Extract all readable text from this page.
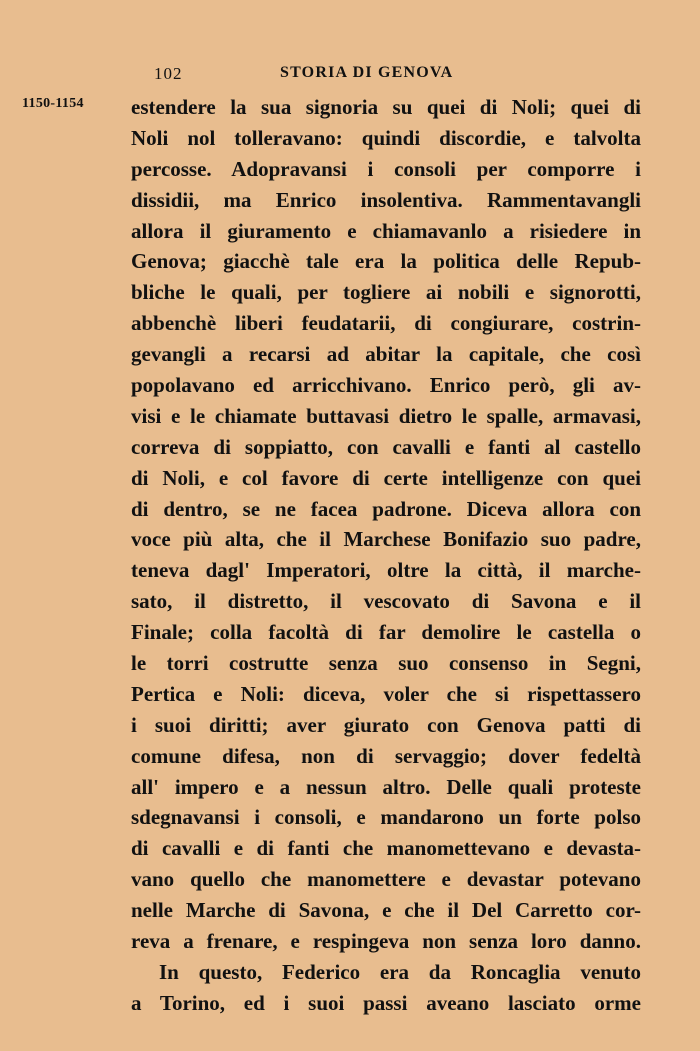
102	STORIA DI GENOVA
1150-1154 estendere la sua signoria su quei di Noli; quei di
Noli nol tolleravano: quindi discordie, e talvolta
percosse. Adopravansi i consoli per comporre i
dissidii, ma Enrico insolentiva. Rammentavangli
allora il giuramento e chiamavanlo a risiedere in
Genova; giacchè tale era la politica delle Repub-
bliche le quali, per togliere ai nobili e signorotti,
abbenchè liberi feudatarii, di congiurare, costrin-
gevangli a recarsi ad abitar la capitale, che così
popolavano ed arricchivano. Enrico però, gli av-
visi e le chiamate buttavasi dietro le spalle, armavasi,
correva di soppiatto, con cavalli e fanti al castello
di Noli, e col favore di certe intelligenze con quei
di dentro, se ne facea padrone. Diceva allora con
voce più alta, che il Marchese Bonifazio suo padre,
teneva dagl' Imperatori, oltre la città, il marche-
sato, il distretto, il vescovato di Savona e il
Finale; colla facoltà di far demolire le castella o
le torri costrutte senza suo consenso in Segni,
Pertica e Noli: diceva, voler che si rispettassero
i suoi diritti; aver giurato con Genova patti di
comune difesa, non di servaggio; dover fedeltà
all' impero e a nessun altro. Delle quali proteste
sdegnavansi i consoli, e mandarono un forte polso
di cavalli e di fanti che manomettevano e devasta-
vano quello che manomettere e devastar potevano
nelle Marche di Savona, e che il Del Carretto cor-
reva a frenare, e respingeva non senza loro danno.
In questo, Federico era da Roncaglia venuto
a Torino, ed i suoi passi aveano lasciato orme
